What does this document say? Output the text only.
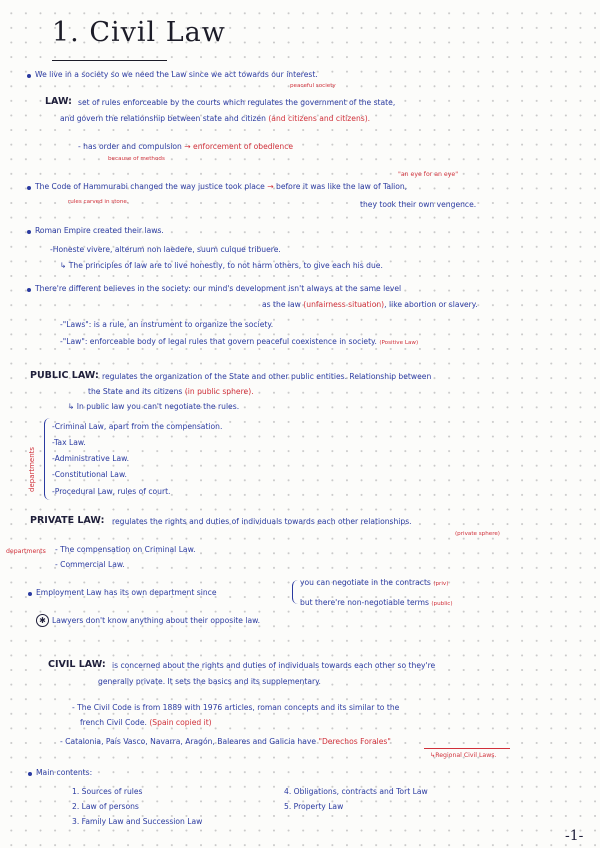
1. Civil Law
We live in a society so we need the Law since we act towards our interest.
peaceful society
LAW: set of rules enforceable by the courts which regulates the government of the state,
and govern the relationship between state and citizen (and citizens and citizens).
- has order and compulsion → enforcement of obedience
because of methods
"an eye for an eye"
The Code of Hammurabi changed the way justice took place → before it was like the law of Talion,
rules carved in stone.	they took their own vengence.
Roman Empire created their laws.
-Honeste vivere, alterum non laedere, suum cuique tribuere.
↳ The principles of law are to live honestly, to not harm others, to give each his due.
There're different believes in the society: our mind's development isn't always at the same level
as the law (unfairness situation), like abortion or slavery.
-"Laws": is a rule, an instrument to organize the society.
-"Law": enforceable body of legal rules that govern peaceful coexistence in society. (Positive Law)
PUBLIC LAW: regulates the organization of the State and other public entities. Relationship between
the State and its citizens (in public sphere).
↳ In public law you can't negotiate the rules.
departments
-Criminal Law, apart from the compensation.
-Tax Law.
-Administrative Law.
-Constitutional Law.
-Procedural Law, rules of court.
PRIVATE LAW: regulates the rights and duties of individuals towards each other relationships.
(private sphere)
departments - The compensation on Criminal Law.
- Commercial Law.
Employment Law has its own department since
you can negotiate in the contracts (priv)
but there're non-negotiable terms (public)
✱ Lawyers don't know anything about their opposite law.
CIVIL LAW: is concerned about the rights and duties of individuals towards each other so they're
generally private. It sets the basics and its supplementary.
- The Civil Code is from 1889 with 1976 articles, roman concepts and its similar to the
french Civil Code. (Spain copied it)
- Catalonia, País Vasco, Navarra, Aragón, Baleares and Galicia have "Derechos Forales"
↳Regional Civil Laws.
Main contents:
1. Sources of rules
2. Law of persons
3. Family Law and Succession Law
4. Obligations, contracts and Tort Law
5. Property Law
-1-
